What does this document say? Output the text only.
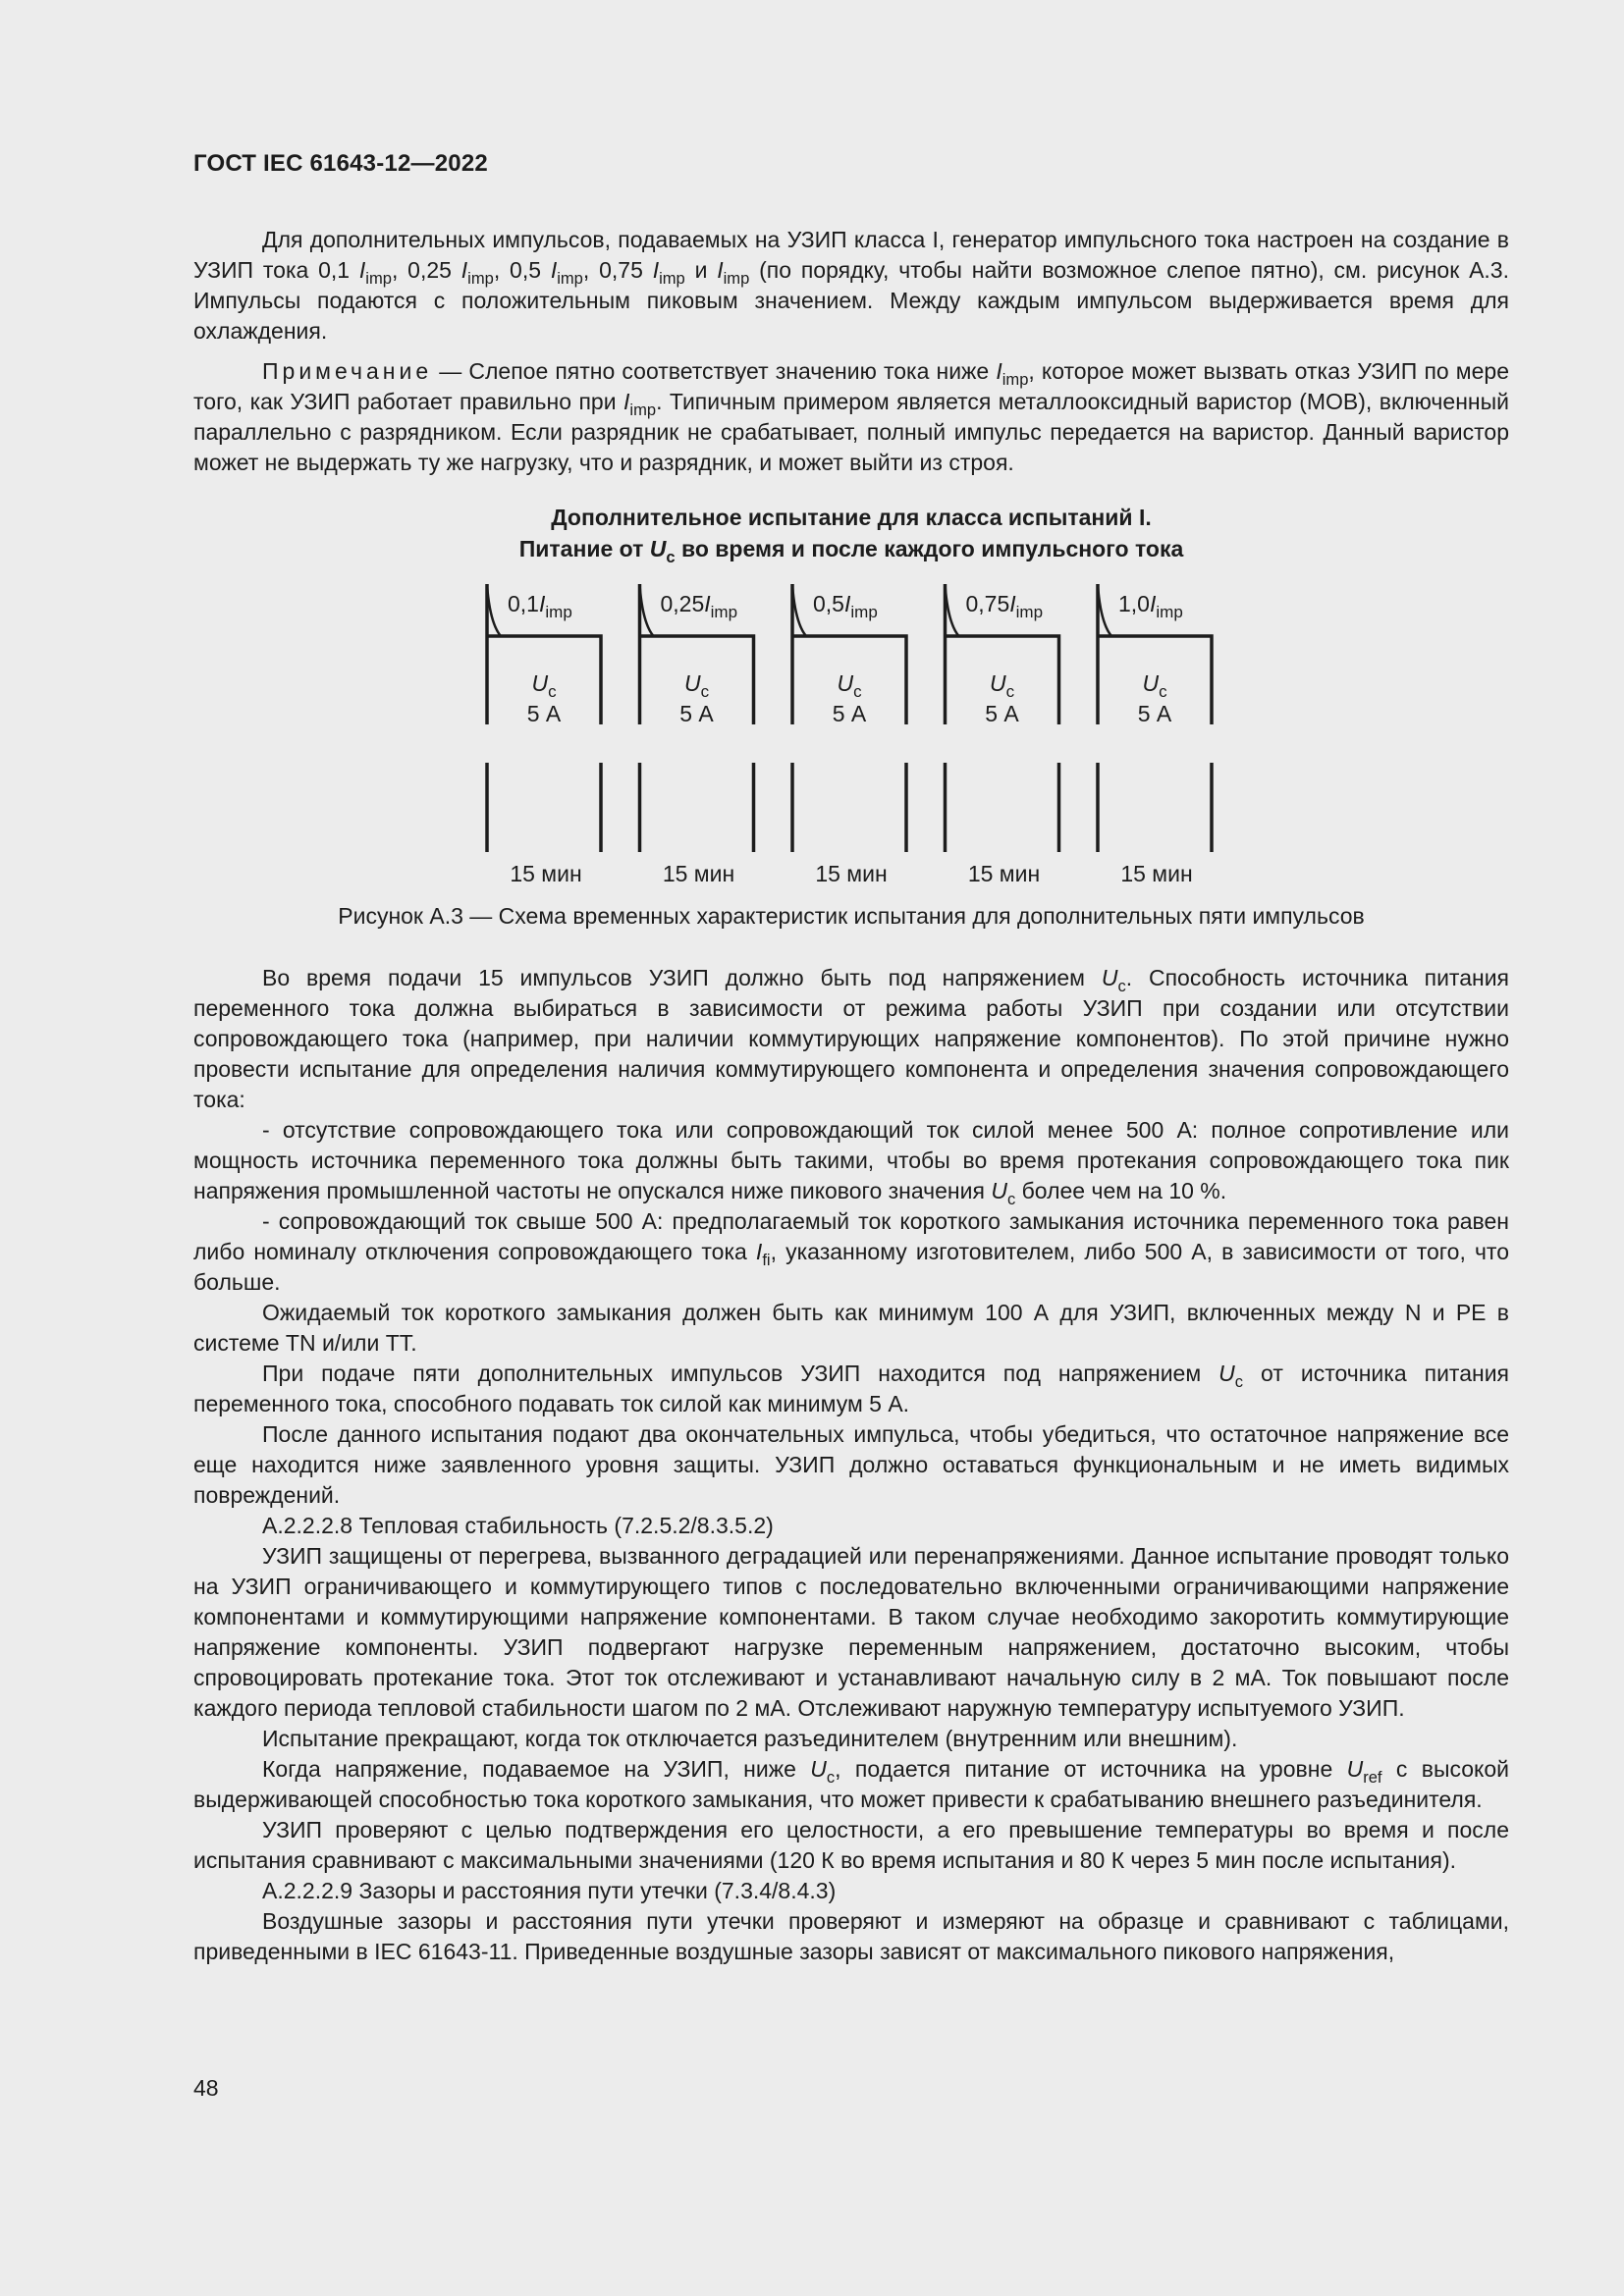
ГОСТ IEC 61643-12—2022

Для дополнительных импульсов, подаваемых на УЗИП класса I, генератор импульсного тока настроен на создание в УЗИП тока 0,1 $I_{imp}$, 0,25 $I_{imp}$, 0,5 $I_{imp}$, 0,75 $I_{imp}$ и $I_{imp}$ (по порядку, чтобы найти возможное слепое пятно), см. рисунок А.3. Импульсы подаются с положительным пиковым значением. Между каждым импульсом выдерживается время для охлаждения.

Примечание — Слепое пятно соответствует значению тока ниже $I_{imp}$, которое может вызвать отказ УЗИП по мере того, как УЗИП работает правильно при $I_{imp}$. Типичным примером является металлооксидный варистор (MOB), включенный параллельно с разрядником. Если разрядник не срабатывает, полный импульс передается на варистор. Данный варистор может не выдержать ту же нагрузку, что и разрядник, и может выйти из строя.

Дополнительное испытание для класса испытаний I.
Питание от $U_c$ во время и после каждого импульсного тока
$0,1I_{imp}$
$U_c$
5 А
15 мин
$0,25I_{imp}$
$U_c$
5 А
15 мин
$0,5I_{imp}$
$U_c$
5 А
15 мин
$0,75I_{imp}$
$U_c$
5 А
15 мин
$1,0I_{imp}$
$U_c$
5 А
15 мин
Рисунок А.3 — Схема временных характеристик испытания для дополнительных пяти импульсов

Во время подачи 15 импульсов УЗИП должно быть под напряжением $U_c$. Способность источника питания переменного тока должна выбираться в зависимости от режима работы УЗИП при создании или отсутствии сопровождающего тока (например, при наличии коммутирующих напряжение компонентов). По этой причине нужно провести испытание для определения наличия коммутирующего компонента и определения значения сопровождающего тока:

- отсутствие сопровождающего тока или сопровождающий ток силой менее 500 А: полное сопротивление или мощность источника переменного тока должны быть такими, чтобы во время протекания сопровождающего тока пик напряжения промышленной частоты не опускался ниже пикового значения $U_c$ более чем на 10 %.

- сопровождающий ток свыше 500 А: предполагаемый ток короткого замыкания источника переменного тока равен либо номиналу отключения сопровождающего тока $I_{fi}$, указанному изготовителем, либо 500 А, в зависимости от того, что больше.

Ожидаемый ток короткого замыкания должен быть как минимум 100 А для УЗИП, включенных между N и PE в системе TN и/или TT.

При подаче пяти дополнительных импульсов УЗИП находится под напряжением $U_c$ от источника питания переменного тока, способного подавать ток силой как минимум 5 А.

После данного испытания подают два окончательных импульса, чтобы убедиться, что остаточное напряжение все еще находится ниже заявленного уровня защиты. УЗИП должно оставаться функциональным и не иметь видимых повреждений.

А.2.2.2.8 Тепловая стабильность (7.2.5.2/8.3.5.2)

УЗИП защищены от перегрева, вызванного деградацией или перенапряжениями. Данное испытание проводят только на УЗИП ограничивающего и коммутирующего типов с последовательно включенными ограничивающими напряжение компонентами и коммутирующими напряжение компонентами. В таком случае необходимо закоротить коммутирующие напряжение компоненты. УЗИП подвергают нагрузке переменным напряжением, достаточно высоким, чтобы спровоцировать протекание тока. Этот ток отслеживают и устанавливают начальную силу в 2 мА. Ток повышают после каждого периода тепловой стабильности шагом по 2 мА. Отслеживают наружную температуру испытуемого УЗИП.

Испытание прекращают, когда ток отключается разъединителем (внутренним или внешним).

Когда напряжение, подаваемое на УЗИП, ниже $U_c$, подается питание от источника на уровне $U_{ref}$ с высокой выдерживающей способностью тока короткого замыкания, что может привести к срабатыванию внешнего разъединителя.

УЗИП проверяют с целью подтверждения его целостности, а его превышение температуры во время и после испытания сравнивают с максимальными значениями (120 К во время испытания и 80 К через 5 мин после испытания).

А.2.2.2.9 Зазоры и расстояния пути утечки (7.3.4/8.4.3)

Воздушные зазоры и расстояния пути утечки проверяют и измеряют на образце и сравнивают с таблицами, приведенными в IEC 61643-11. Приведенные воздушные зазоры зависят от максимального пикового напряжения,

48
